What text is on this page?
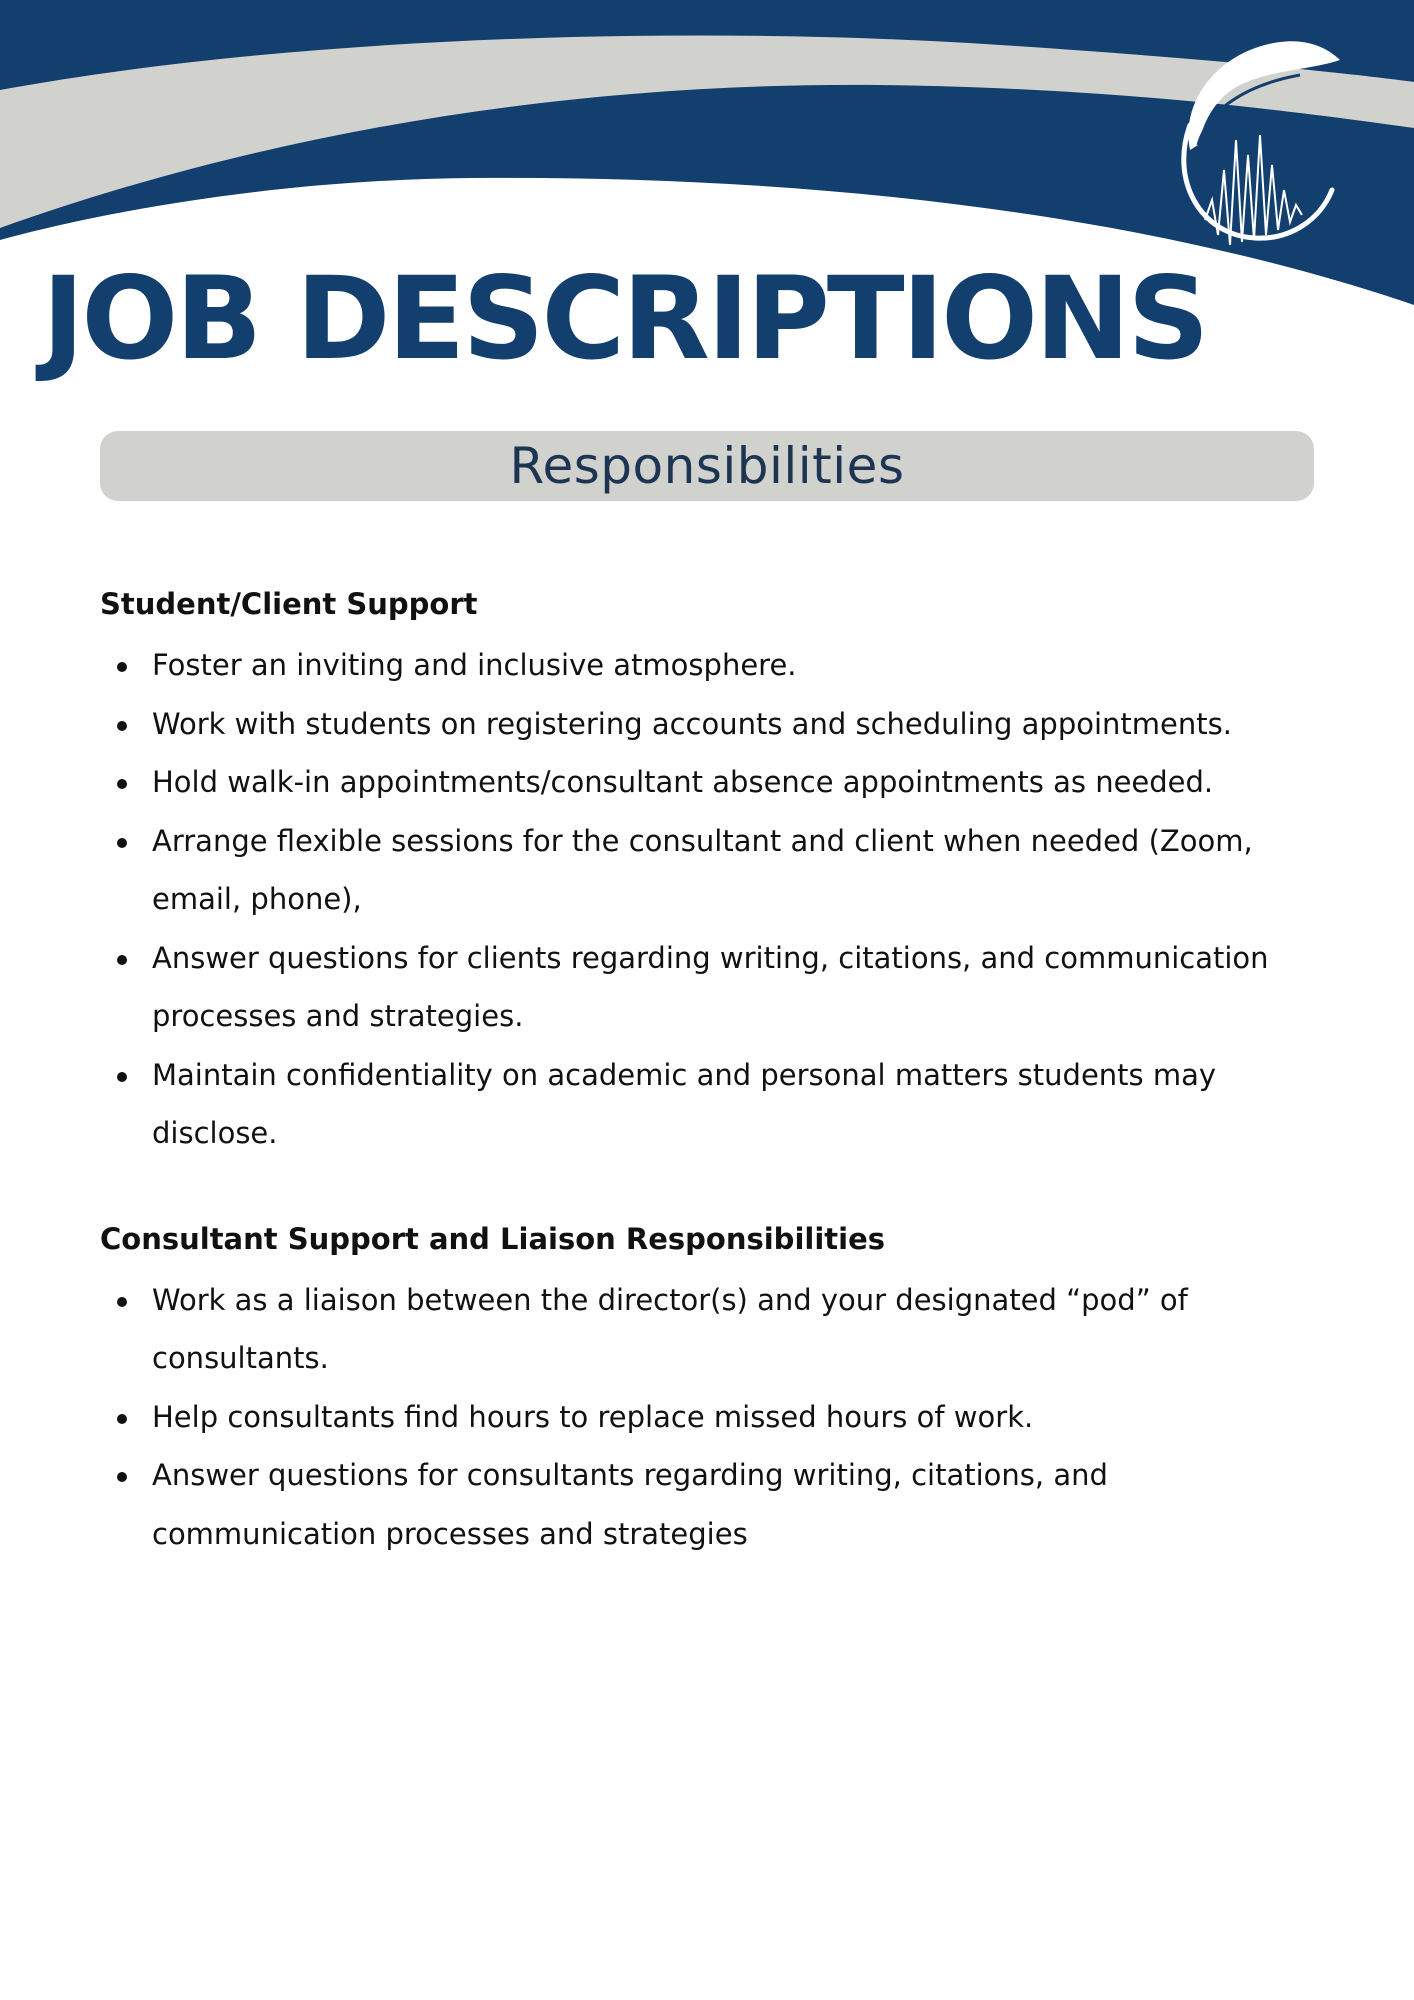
JOB DESCRIPTIONS
Responsibilities
Student/Client Support
Foster an inviting and inclusive atmosphere.
Work with students on registering accounts and scheduling appointments.
Hold walk-in appointments/consultant absence appointments as needed.
Arrange flexible sessions for the consultant and client when needed (Zoom, email, phone),
Answer questions for clients regarding writing, citations, and communication processes and strategies.
Maintain confidentiality on academic and personal matters students may disclose.
Consultant Support and Liaison Responsibilities
Work as a liaison between the director(s) and your designated “pod” of consultants.
Help consultants find hours to replace missed hours of work.
Answer questions for consultants regarding writing, citations, and communication processes and strategies
